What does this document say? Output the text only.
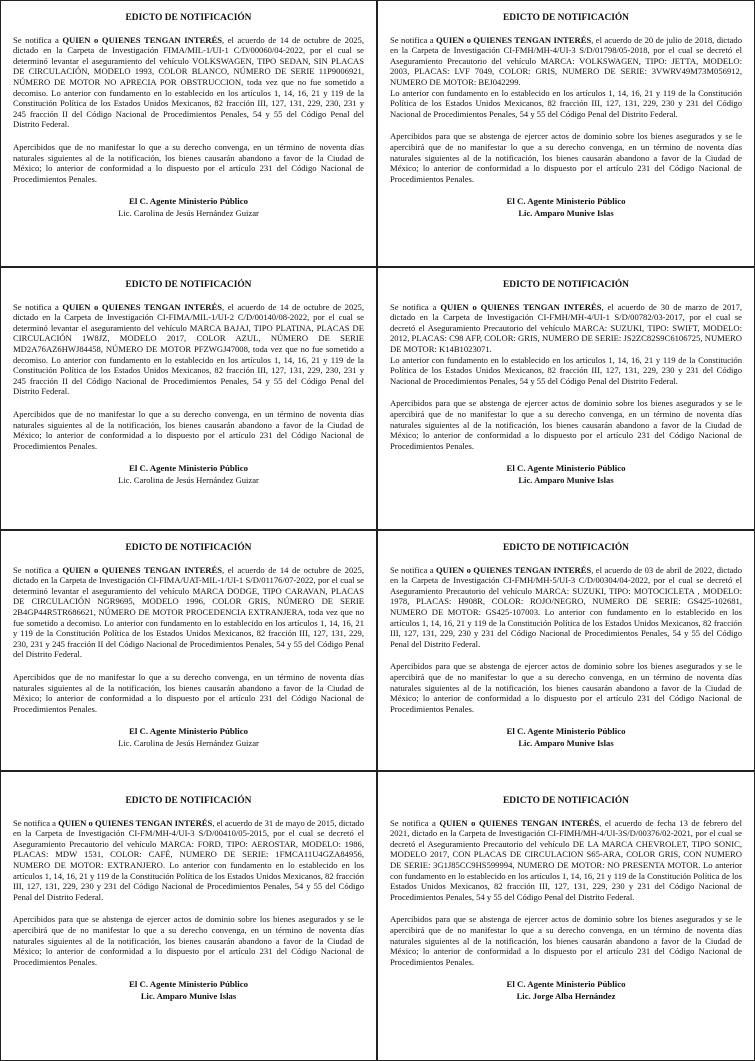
EDICTO DE NOTIFICACIÓN

Se notifica a QUIEN o QUIENES TENGAN INTERÉS, el acuerdo de 14 de octubre de 2025, dictado en la Carpeta de Investigación FIMA/MIL-1/UI-1 C/D/00060/04-2022, por el cual se determinó levantar el aseguramiento del vehículo VOLKSWAGEN, TIPO SEDAN, SIN PLACAS DE CIRCULACIÓN, MODELO 1993, COLOR BLANCO, NÚMERO DE SERIE 11P9006921, NÚMERO DE MOTOR NO APRECIA POR OBSTRUCCION, toda vez que no fue sometido a decomiso. Lo anterior con fundamento en lo establecido en los artículos 1, 14, 16, 21 y 119 de la Constitución Política de los Estados Unidos Mexicanos, 82 fracción III, 127, 131, 229, 230, 231 y 245 fracción II del Código Nacional de Procedimientos Penales, 54 y 55 del Código Penal del Distrito Federal.

Apercibidos que de no manifestar lo que a su derecho convenga, en un término de noventa días naturales siguientes al de la notificación, los bienes causarán abandono a favor de la Ciudad de México; lo anterior de conformidad a lo dispuesto por el artículo 231 del Código Nacional de Procedimientos Penales.

El C. Agente Ministerio Público
Lic. Carolina de Jesús Hernández Guizar
EDICTO DE NOTIFICACIÓN

Se notifica a QUIEN o QUIENES TENGAN INTERÉS, el acuerdo de 20 de julio de 2018, dictado en la Carpeta de Investigación CI-FMH/MH-4/UI-3 S/D/01798/05-2018, por el cual se decretó el Aseguramiento Precautorio del vehículo MARCA: VOLKSWAGEN, TIPO: JETTA, MODELO: 2003, PLACAS: LVF 7049, COLOR: GRIS, NUMERO DE SERIE: 3VWRV49M73M056912, NUMERO DE MOTOR: BEJ042299.

Lo anterior con fundamento en lo establecido en los artículos 1, 14, 16, 21 y 119 de la Constitución Política de los Estados Unidos Mexicanos, 82 fracción III, 127, 131, 229, 230 y 231 del Código Nacional de Procedimientos Penales, 54 y 55 del Código Penal del Distrito Federal.

Apercibidos para que se abstenga de ejercer actos de dominio sobre los bienes asegurados y se le apercibirá que de no manifestar lo que a su derecho convenga, en un término de noventa días naturales siguientes al de la notificación, los bienes causarán abandono a favor de la Ciudad de México; lo anterior de conformidad a lo dispuesto por el artículo 231 del Código Nacional de Procedimientos Penales.

El C. Agente Ministerio Público
Lic. Amparo Munive Islas
EDICTO DE NOTIFICACIÓN

Se notifica a QUIEN o QUIENES TENGAN INTERÉS, el acuerdo de 14 de octubre de 2025, dictado en la Carpeta de Investigación CI-FIMA/MIL-1/UI-2 C/D/00140/08-2022, por el cual se determinó levantar el aseguramiento del vehículo MARCA BAJAJ, TIPO PLATINA, PLACAS DE CIRCULACIÓN 1W8JZ, MODELO 2017, COLOR AZUL, NÚMERO DE SERIE MD2A76AZ6HWJ84458, NÚMERO DE MOTOR PFZWGJ47008, toda vez que no fue sometido a decomiso. Lo anterior con fundamento en lo establecido en los artículos 1, 14, 16, 21 y 119 de la Constitución Política de los Estados Unidos Mexicanos, 82 fracción III, 127, 131, 229, 230, 231 y 245 fracción II del Código Nacional de Procedimientos Penales, 54 y 55 del Código Penal del Distrito Federal.

Apercibidos que de no manifestar lo que a su derecho convenga, en un término de noventa días naturales siguientes al de la notificación, los bienes causarán abandono a favor de la Ciudad de México; lo anterior de conformidad a lo dispuesto por el artículo 231 del Código Nacional de Procedimientos Penales.

El C. Agente Ministerio Público
Lic. Carolina de Jesús Hernández Guizar
EDICTO DE NOTIFICACIÓN

Se notifica a QUIEN o QUIENES TENGAN INTERÉS, el acuerdo de 30 de marzo de 2017, dictado en la Carpeta de Investigación CI-FMH/MH-4/UI-1 S/D/00782/03-2017, por el cual se decretó el Aseguramiento Precautorio del vehículo MARCA: SUZUKI, TIPO: SWIFT, MODELO: 2012, PLACAS: C98 AFP, COLOR: GRIS, NUMERO DE SERIE: JS2ZC82S9C6106725, NUMERO DE MOTOR: K14B1023071.

Lo anterior con fundamento en lo establecido en los artículos 1, 14, 16, 21 y 119 de la Constitución Política de los Estados Unidos Mexicanos, 82 fracción III, 127, 131, 229, 230 y 231 del Código Nacional de Procedimientos Penales, 54 y 55 del Código Penal del Distrito Federal.

Apercibidos para que se abstenga de ejercer actos de dominio sobre los bienes asegurados y se le apercibirá que de no manifestar lo que a su derecho convenga, en un término de noventa días naturales siguientes al de la notificación, los bienes causarán abandono a favor de la Ciudad de México; lo anterior de conformidad a lo dispuesto por el artículo 231 del Código Nacional de Procedimientos Penales.

El C. Agente Ministerio Público
Lic. Amparo Munive Islas
EDICTO DE NOTIFICACIÓN

Se notifica a QUIEN o QUIENES TENGAN INTERÉS, el acuerdo de 14 de octubre de 2025, dictado en la Carpeta de Investigación CI-FIMA/UAT-MIL-1/UI-1 S/D/01176/07-2022, por el cual se determinó levantar el aseguramiento del vehículo MARCA DODGE, TIPO CARAVAN, PLACAS DE CIRCULACIÓN NGR9695, MODELO 1996, COLOR GRIS, NÚMERO DE SERIE 2B4GP44R5TR686621, NÚMERO DE MOTOR PROCEDENCIA EXTRANJERA, toda vez que no fue sometido a decomiso. Lo anterior con fundamento en lo establecido en los artículos 1, 14, 16, 21 y 119 de la Constitución Política de los Estados Unidos Mexicanos, 82 fracción III, 127, 131, 229, 230, 231 y 245 fracción II del Código Nacional de Procedimientos Penales, 54 y 55 del Código Penal del Distrito Federal.

Apercibidos que de no manifestar lo que a su derecho convenga, en un término de noventa días naturales siguientes al de la notificación, los bienes causarán abandono a favor de la Ciudad de México; lo anterior de conformidad a lo dispuesto por el artículo 231 del Código Nacional de Procedimientos Penales.

El C. Agente Ministerio Público
Lic. Carolina de Jesús Hernández Guizar
EDICTO DE NOTIFICACIÓN

Se notifica a QUIEN o QUIENES TENGAN INTERÉS, el acuerdo de 03 de abril de 2022, dictado en la Carpeta de Investigación CI-FMH/MH-5/UI-3 C/D/00304/04-2022, por el cual se decretó el Aseguramiento Precautorio del vehículo MARCA: SUZUKI, TIPO: MOTOCICLETA , MODELO: 1978, PLACAS: H908R, COLOR: ROJO/NEGRO, NUMERO DE SERIE: GS425-102681, NUMERO DE MOTOR: GS425-107003. Lo anterior con fundamento en lo establecido en los artículos 1, 14, 16, 21 y 119 de la Constitución Política de los Estados Unidos Mexicanos, 82 fracción III, 127, 131, 229, 230 y 231 del Código Nacional de Procedimientos Penales, 54 y 55 del Código Penal del Distrito Federal.

Apercibidos para que se abstenga de ejercer actos de dominio sobre los bienes asegurados y se le apercibirá que de no manifestar lo que a su derecho convenga, en un término de noventa días naturales siguientes al de la notificación, los bienes causarán abandono a favor de la Ciudad de México; lo anterior de conformidad a lo dispuesto por el artículo 231 del Código Nacional de Procedimientos Penales.

El C. Agente Ministerio Público
Lic. Amparo Munive Islas
EDICTO DE NOTIFICACIÓN

Se notifica a QUIEN o QUIENES TENGAN INTERÉS, el acuerdo de 31 de mayo de 2015, dictado en la Carpeta de Investigación CI-FM/MH-4/UI-3 S/D/00410/05-2015, por el cual se decretó el Aseguramiento Precautorio del vehículo MARCA: FORD, TIPO: AEROSTAR, MODELO: 1986, PLACAS: MDW 1531, COLOR: CAFÉ, NUMERO DE SERIE: 1FMCA11U4GZA84956, NUMERO DE MOTOR: EXTRANJERO. Lo anterior con fundamento en lo establecido en los artículos 1, 14, 16, 21 y 119 de la Constitución Política de los Estados Unidos Mexicanos, 82 fracción III, 127, 131, 229, 230 y 231 del Código Nacional de Procedimientos Penales, 54 y 55 del Código Penal del Distrito Federal.

Apercibidos para que se abstenga de ejercer actos de dominio sobre los bienes asegurados y se le apercibirá que de no manifestar lo que a su derecho convenga, en un término de noventa días naturales siguientes al de la notificación, los bienes causarán abandono a favor de la Ciudad de México; lo anterior de conformidad a lo dispuesto por el artículo 231 del Código Nacional de Procedimientos Penales.

El C. Agente Ministerio Público
Lic. Amparo Munive Islas
EDICTO DE NOTIFICACIÓN

Se notifica a QUIEN o QUIENES TENGAN INTERÉS, el acuerdo de fecha 13 de febrero del 2021, dictado en la Carpeta de Investigación CI-FIMH/MH-4/UI-3S/D/00376/02-2021, por el cual se decretó el Aseguramiento Precautorio del vehículo DE LA MARCA CHEVROLET, TIPO SONIC, MODELO 2017, CON PLACAS DE CIRCULACION S65-ARA, COLOR GRIS, CON NUMERO DE SERIE: 3G1J85CC9HS599994, NUMERO DE MOTOR: NO PRESENTA MOTOR. Lo anterior con fundamento en lo establecido en los artículos 1, 14, 16, 21 y 119 de la Constitución Política de los Estados Unidos Mexicanos, 82 fracción III, 127, 131, 229, 230 y 231 del Código Nacional de Procedimientos Penales, 54 y 55 del Código Penal del Distrito Federal.

Apercibidos para que se abstenga de ejercer actos de dominio sobre los bienes asegurados y se le apercibirá que de no manifestar lo que a su derecho convenga, en un término de noventa días naturales siguientes al de la notificación, los bienes causarán abandono a favor de la Ciudad de México; lo anterior de conformidad a lo dispuesto por el artículo 231 del Código Nacional de Procedimientos Penales.

El C. Agente Ministerio Público
Lic. Jorge Alba Hernández
